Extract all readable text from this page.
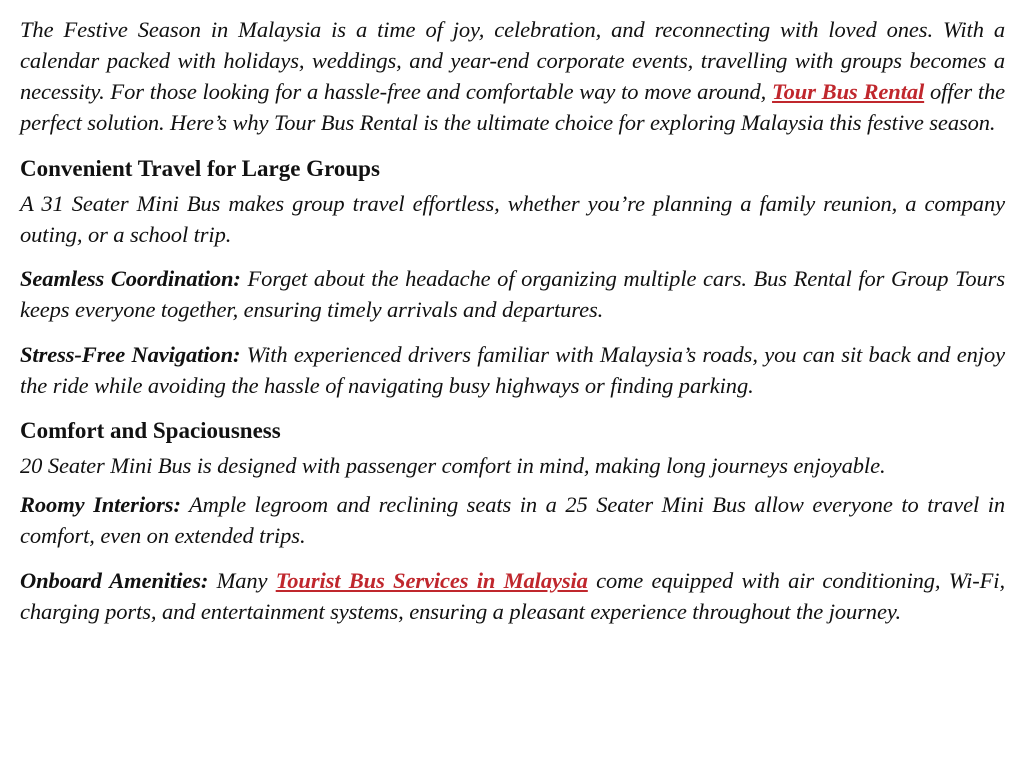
The Festive Season in Malaysia is a time of joy, celebration, and reconnecting with loved ones. With a calendar packed with holidays, weddings, and year-end corporate events, travelling with groups becomes a necessity. For those looking for a hassle-free and comfortable way to move around, Tour Bus Rental offer the perfect solution. Here’s why Tour Bus Rental is the ultimate choice for exploring Malaysia this festive season.

Convenient Travel for Large Groups

A 31 Seater Mini Bus makes group travel effortless, whether you’re planning a family reunion, a company outing, or a school trip.

Seamless Coordination: Forget about the headache of organizing multiple cars. Bus Rental for Group Tours keeps everyone together, ensuring timely arrivals and departures.

Stress-Free Navigation: With experienced drivers familiar with Malaysia’s roads, you can sit back and enjoy the ride while avoiding the hassle of navigating busy highways or finding parking.

Comfort and Spaciousness

20 Seater Mini Bus is designed with passenger comfort in mind, making long journeys enjoyable.

Roomy Interiors: Ample legroom and reclining seats in a 25 Seater Mini Bus allow everyone to travel in comfort, even on extended trips.

Onboard Amenities: Many Tourist Bus Services in Malaysia come equipped with air conditioning, Wi-Fi, charging ports, and entertainment systems, ensuring a pleasant experience throughout the journey.
